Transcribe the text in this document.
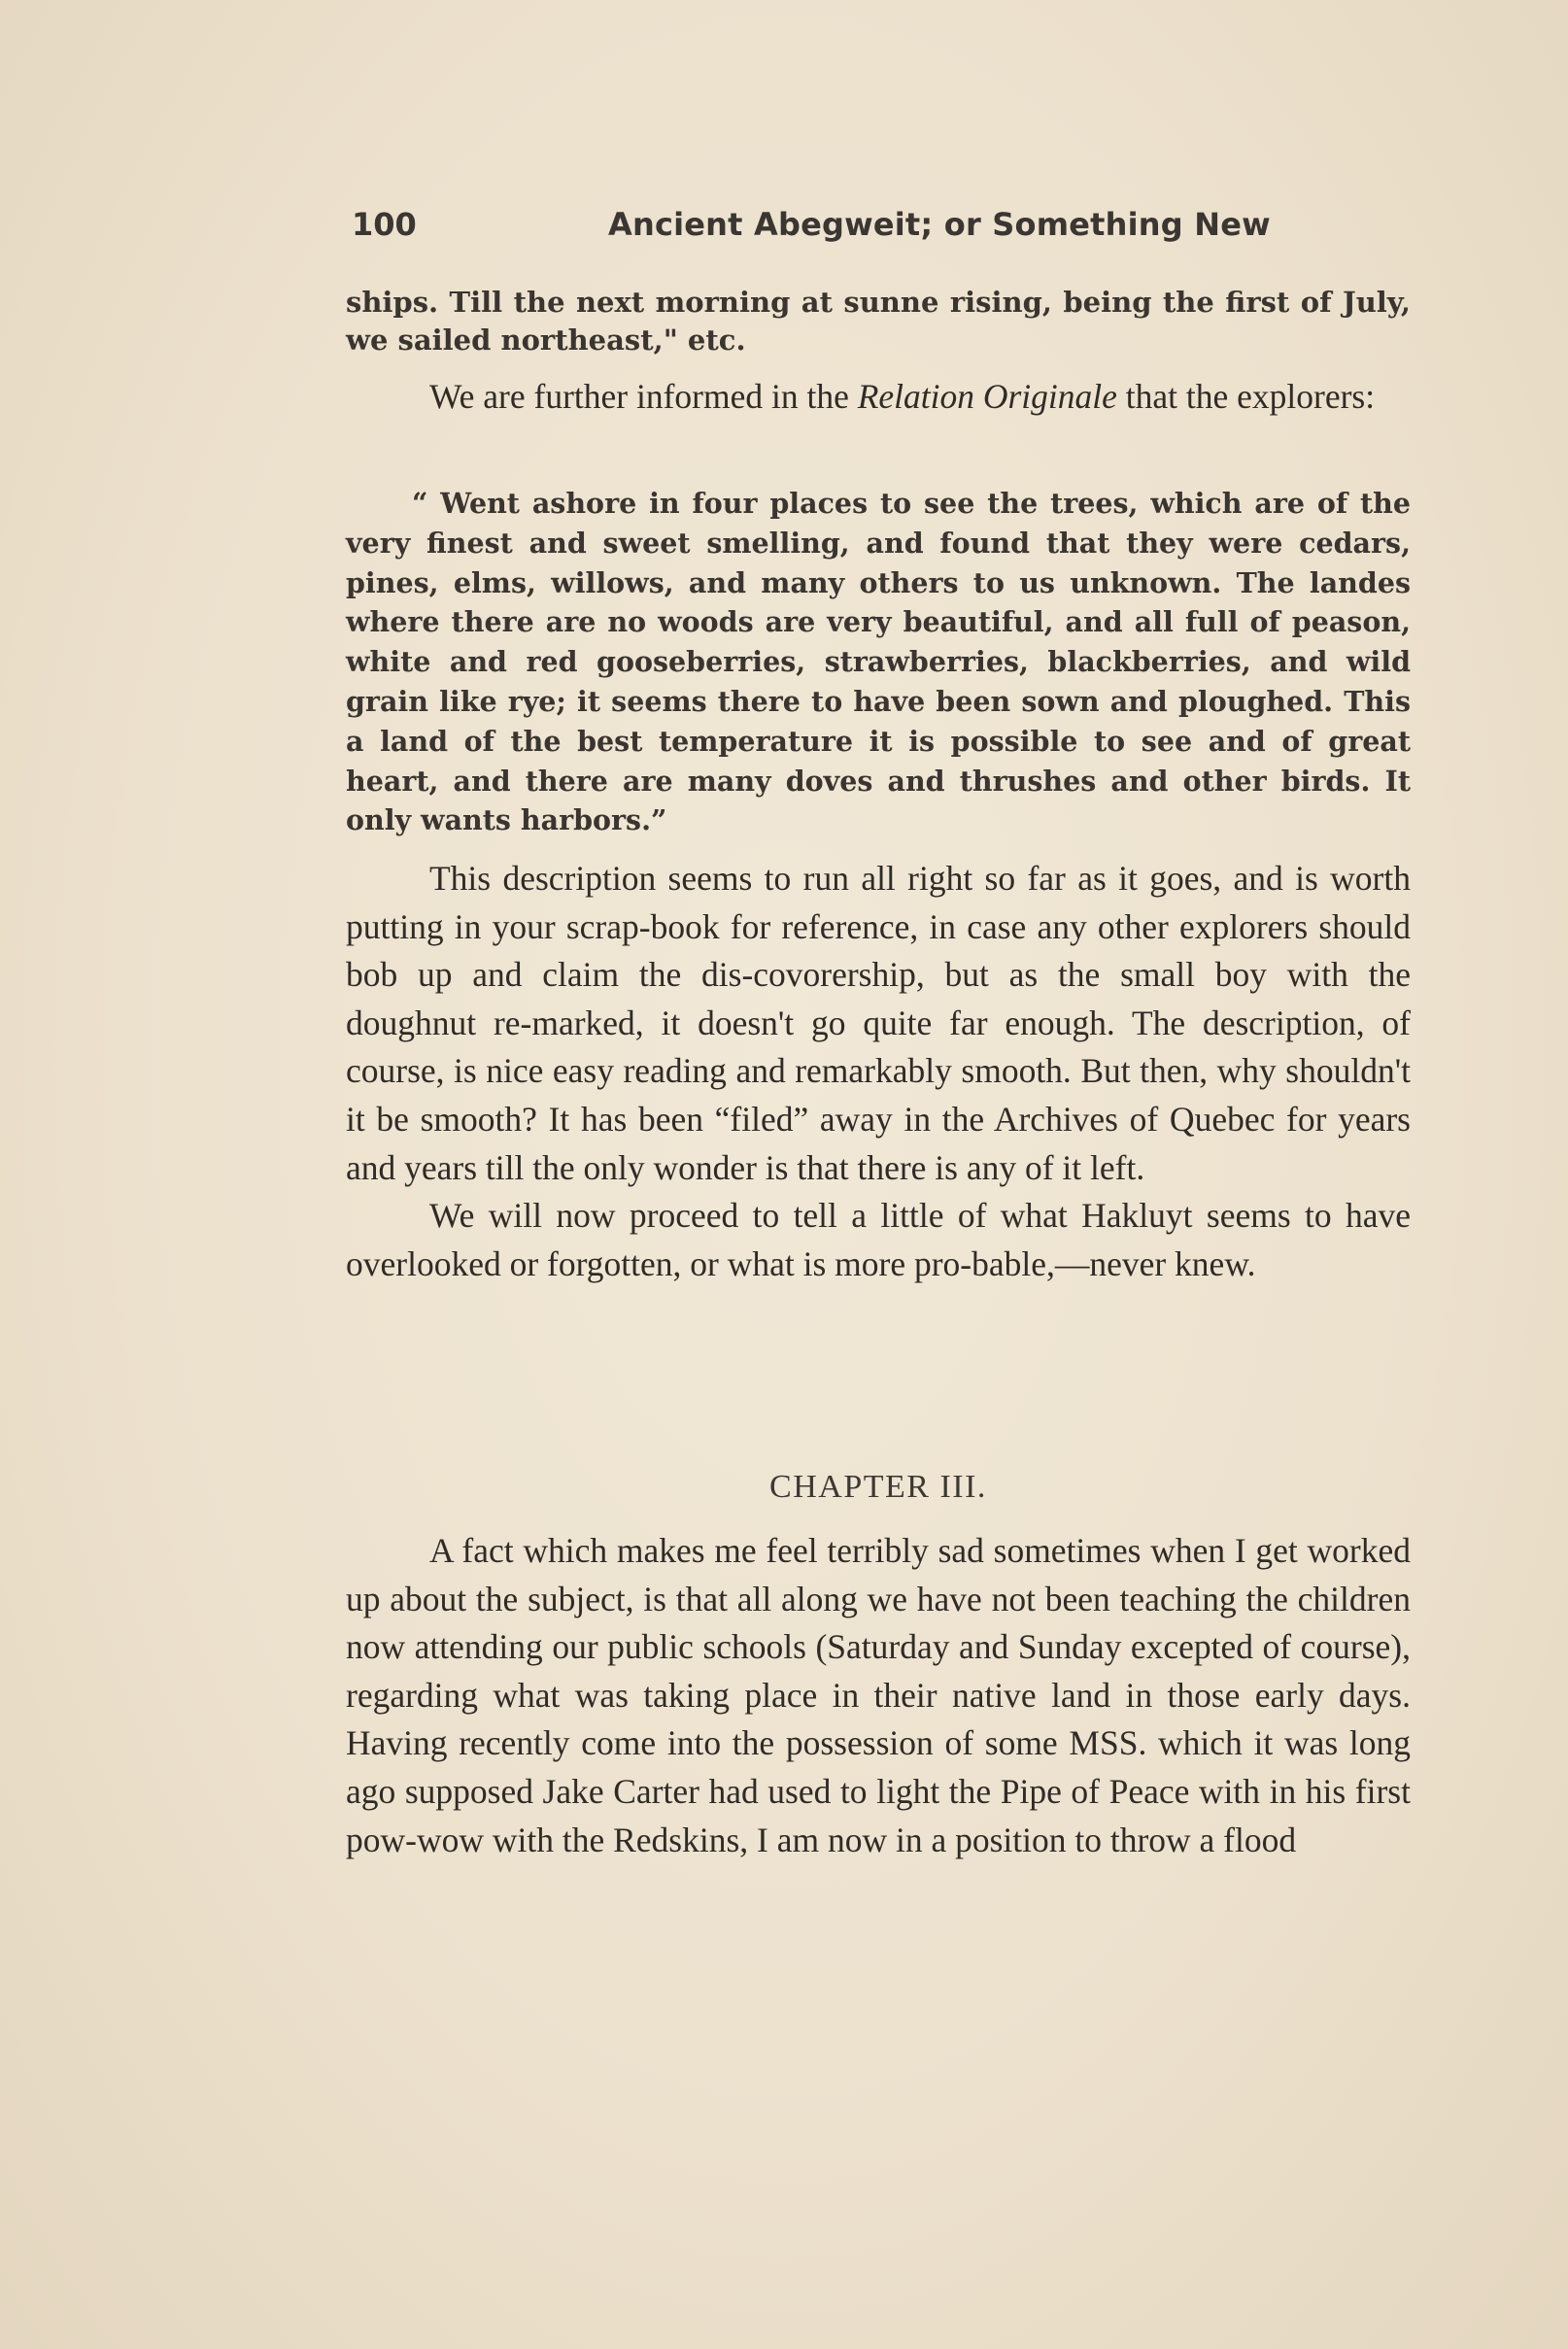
100	Ancient Abegweit; or Something New

ships. Till the next morning at sunne rising, being the first of July, we sailed northeast," etc.

We are further informed in the Relation Originale that the explorers:

“ Went ashore in four places to see the trees, which are of the very finest and sweet smelling, and found that they were cedars, pines, elms, willows, and many others to us unknown. The landes where there are no woods are very beautiful, and all full of peason, white and red gooseberries, strawberries, blackberries, and wild grain like rye; it seems there to have been sown and ploughed. This a land of the best temperature it is possible to see and of great heart, and there are many doves and thrushes and other birds. It only wants harbors.”

This description seems to run all right so far as it goes, and is worth putting in your scrap-book for reference, in case any other explorers should bob up and claim the dis-covorership, but as the small boy with the doughnut re-marked, it doesn't go quite far enough. The description, of course, is nice easy reading and remarkably smooth. But then, why shouldn't it be smooth? It has been “filed” away in the Archives of Quebec for years and years till the only wonder is that there is any of it left.

We will now proceed to tell a little of what Hakluyt seems to have overlooked or forgotten, or what is more pro-bable,—never knew.

CHAPTER III.

A fact which makes me feel terribly sad sometimes when I get worked up about the subject, is that all along we have not been teaching the children now attending our public schools (Saturday and Sunday excepted of course), regarding what was taking place in their native land in those early days. Having recently come into the possession of some MSS. which it was long ago supposed Jake Carter had used to light the Pipe of Peace with in his first pow-wow with the Redskins, I am now in a position to throw a flood
